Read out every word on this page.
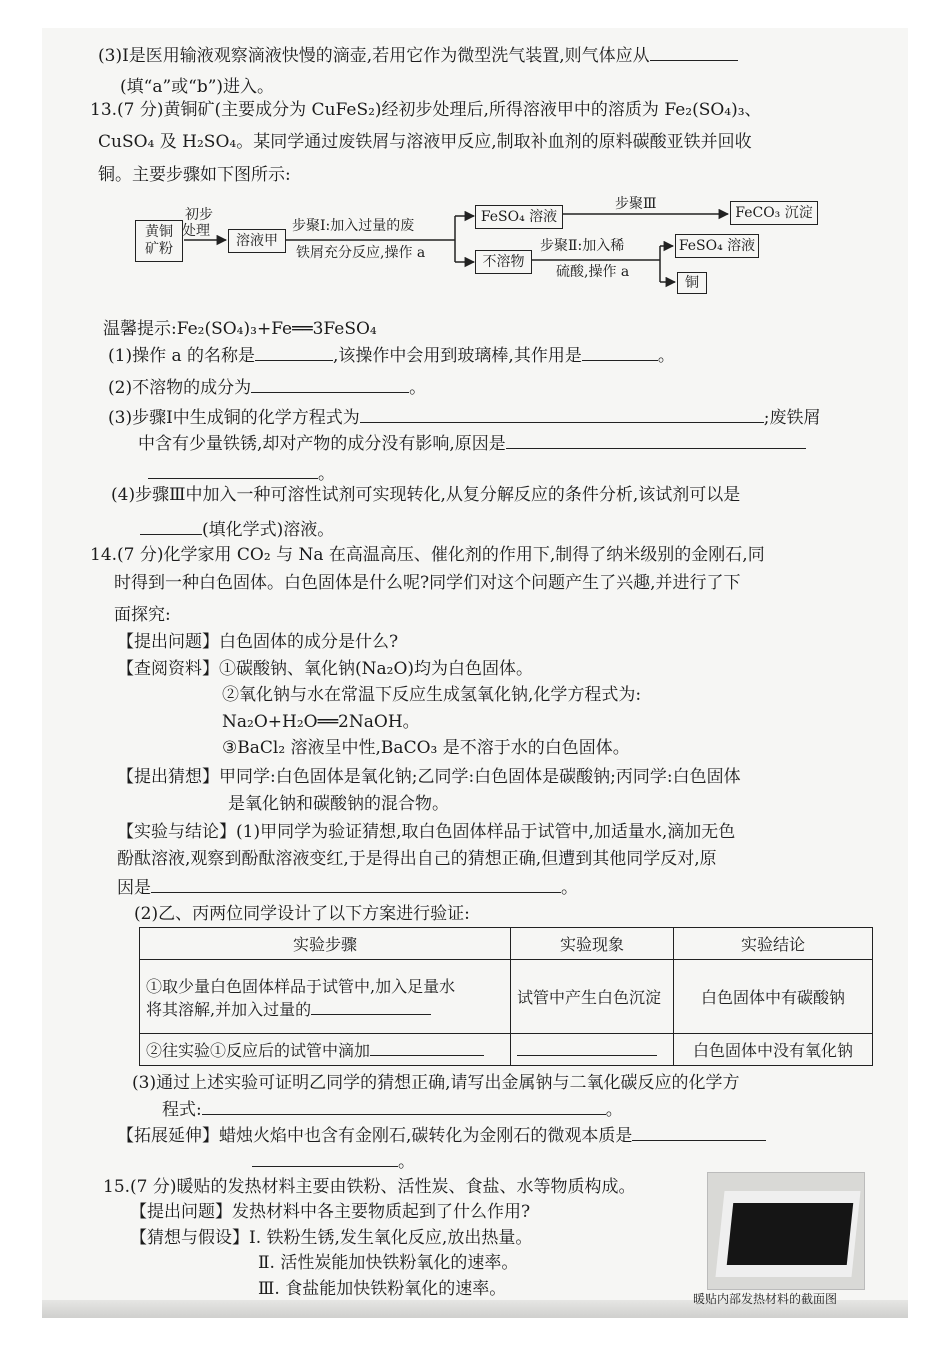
(3)Ⅰ是医用输液观察滴液快慢的滴壶,若用它作为微型洗气装置,则气体应从
(填“a”或“b”)进入。
13.(7 分)黄铜矿(主要成分为 CuFeS₂)经初步处理后,所得溶液甲中的溶质为 Fe₂(SO₄)₃、
CuSO₄ 及 H₂SO₄。某同学通过废铁屑与溶液甲反应,制取补血剂的原料碳酸亚铁并回收
铜。主要步骤如下图所示:
黄铜矿粉
初步
处理
溶液甲
步聚Ⅰ:加入过量的废
铁屑充分反应,操作 a
FeSO₄ 溶液
步聚Ⅲ
FeCO₃ 沉淀
不溶物
步聚Ⅱ:加入稀
硫酸,操作 a
FeSO₄ 溶液
铜
温馨提示:Fe₂(SO₄)₃+Fe══3FeSO₄
(1)操作 a 的名称是	,该操作中会用到玻璃棒,其作用是	。
(2)不溶物的成分为	。
(3)步骤Ⅰ中生成铜的化学方程式为	;废铁屑
中含有少量铁锈,却对产物的成分没有影响,原因是
。
(4)步骤Ⅲ中加入一种可溶性试剂可实现转化,从复分解反应的条件分析,该试剂可以是
(填化学式)溶液。
14.(7 分)化学家用 CO₂ 与 Na 在高温高压、催化剂的作用下,制得了纳米级别的金刚石,同
时得到一种白色固体。白色固体是什么呢?同学们对这个问题产生了兴趣,并进行了下
面探究:
【提出问题】白色固体的成分是什么?
【查阅资料】①碳酸钠、氧化钠(Na₂O)均为白色固体。
②氧化钠与水在常温下反应生成氢氧化钠,化学方程式为:
Na₂O+H₂O══2NaOH。
③BaCl₂ 溶液呈中性,BaCO₃ 是不溶于水的白色固体。
【提出猜想】甲同学:白色固体是氧化钠;乙同学:白色固体是碳酸钠;丙同学:白色固体
是氧化钠和碳酸钠的混合物。
【实验与结论】(1)甲同学为验证猜想,取白色固体样品于试管中,加适量水,滴加无色
酚酞溶液,观察到酚酞溶液变红,于是得出自己的猜想正确,但遭到其他同学反对,原
因是	。
(2)乙、丙两位同学设计了以下方案进行验证:
实验步骤	实验现象	实验结论

①取少量白色固体样品于试管中,加入足量水
将其溶解,并加入过量的	试管中产生白色沉淀	白色固体中有碳酸钠
②往实验①反应后的试管中滴加		白色固体中没有氧化钠
(3)通过上述实验可证明乙同学的猜想正确,请写出金属钠与二氧化碳反应的化学方
程式:	。
【拓展延伸】蜡烛火焰中也含有金刚石,碳转化为金刚石的微观本质是
。
15.(7 分)暖贴的发热材料主要由铁粉、活性炭、食盐、水等物质构成。
【提出问题】发热材料中各主要物质起到了什么作用?
【猜想与假设】Ⅰ. 铁粉生锈,发生氧化反应,放出热量。
Ⅱ. 活性炭能加快铁粉氧化的速率。
Ⅲ. 食盐能加快铁粉氧化的速率。	暖贴内部发热材料的截面图
